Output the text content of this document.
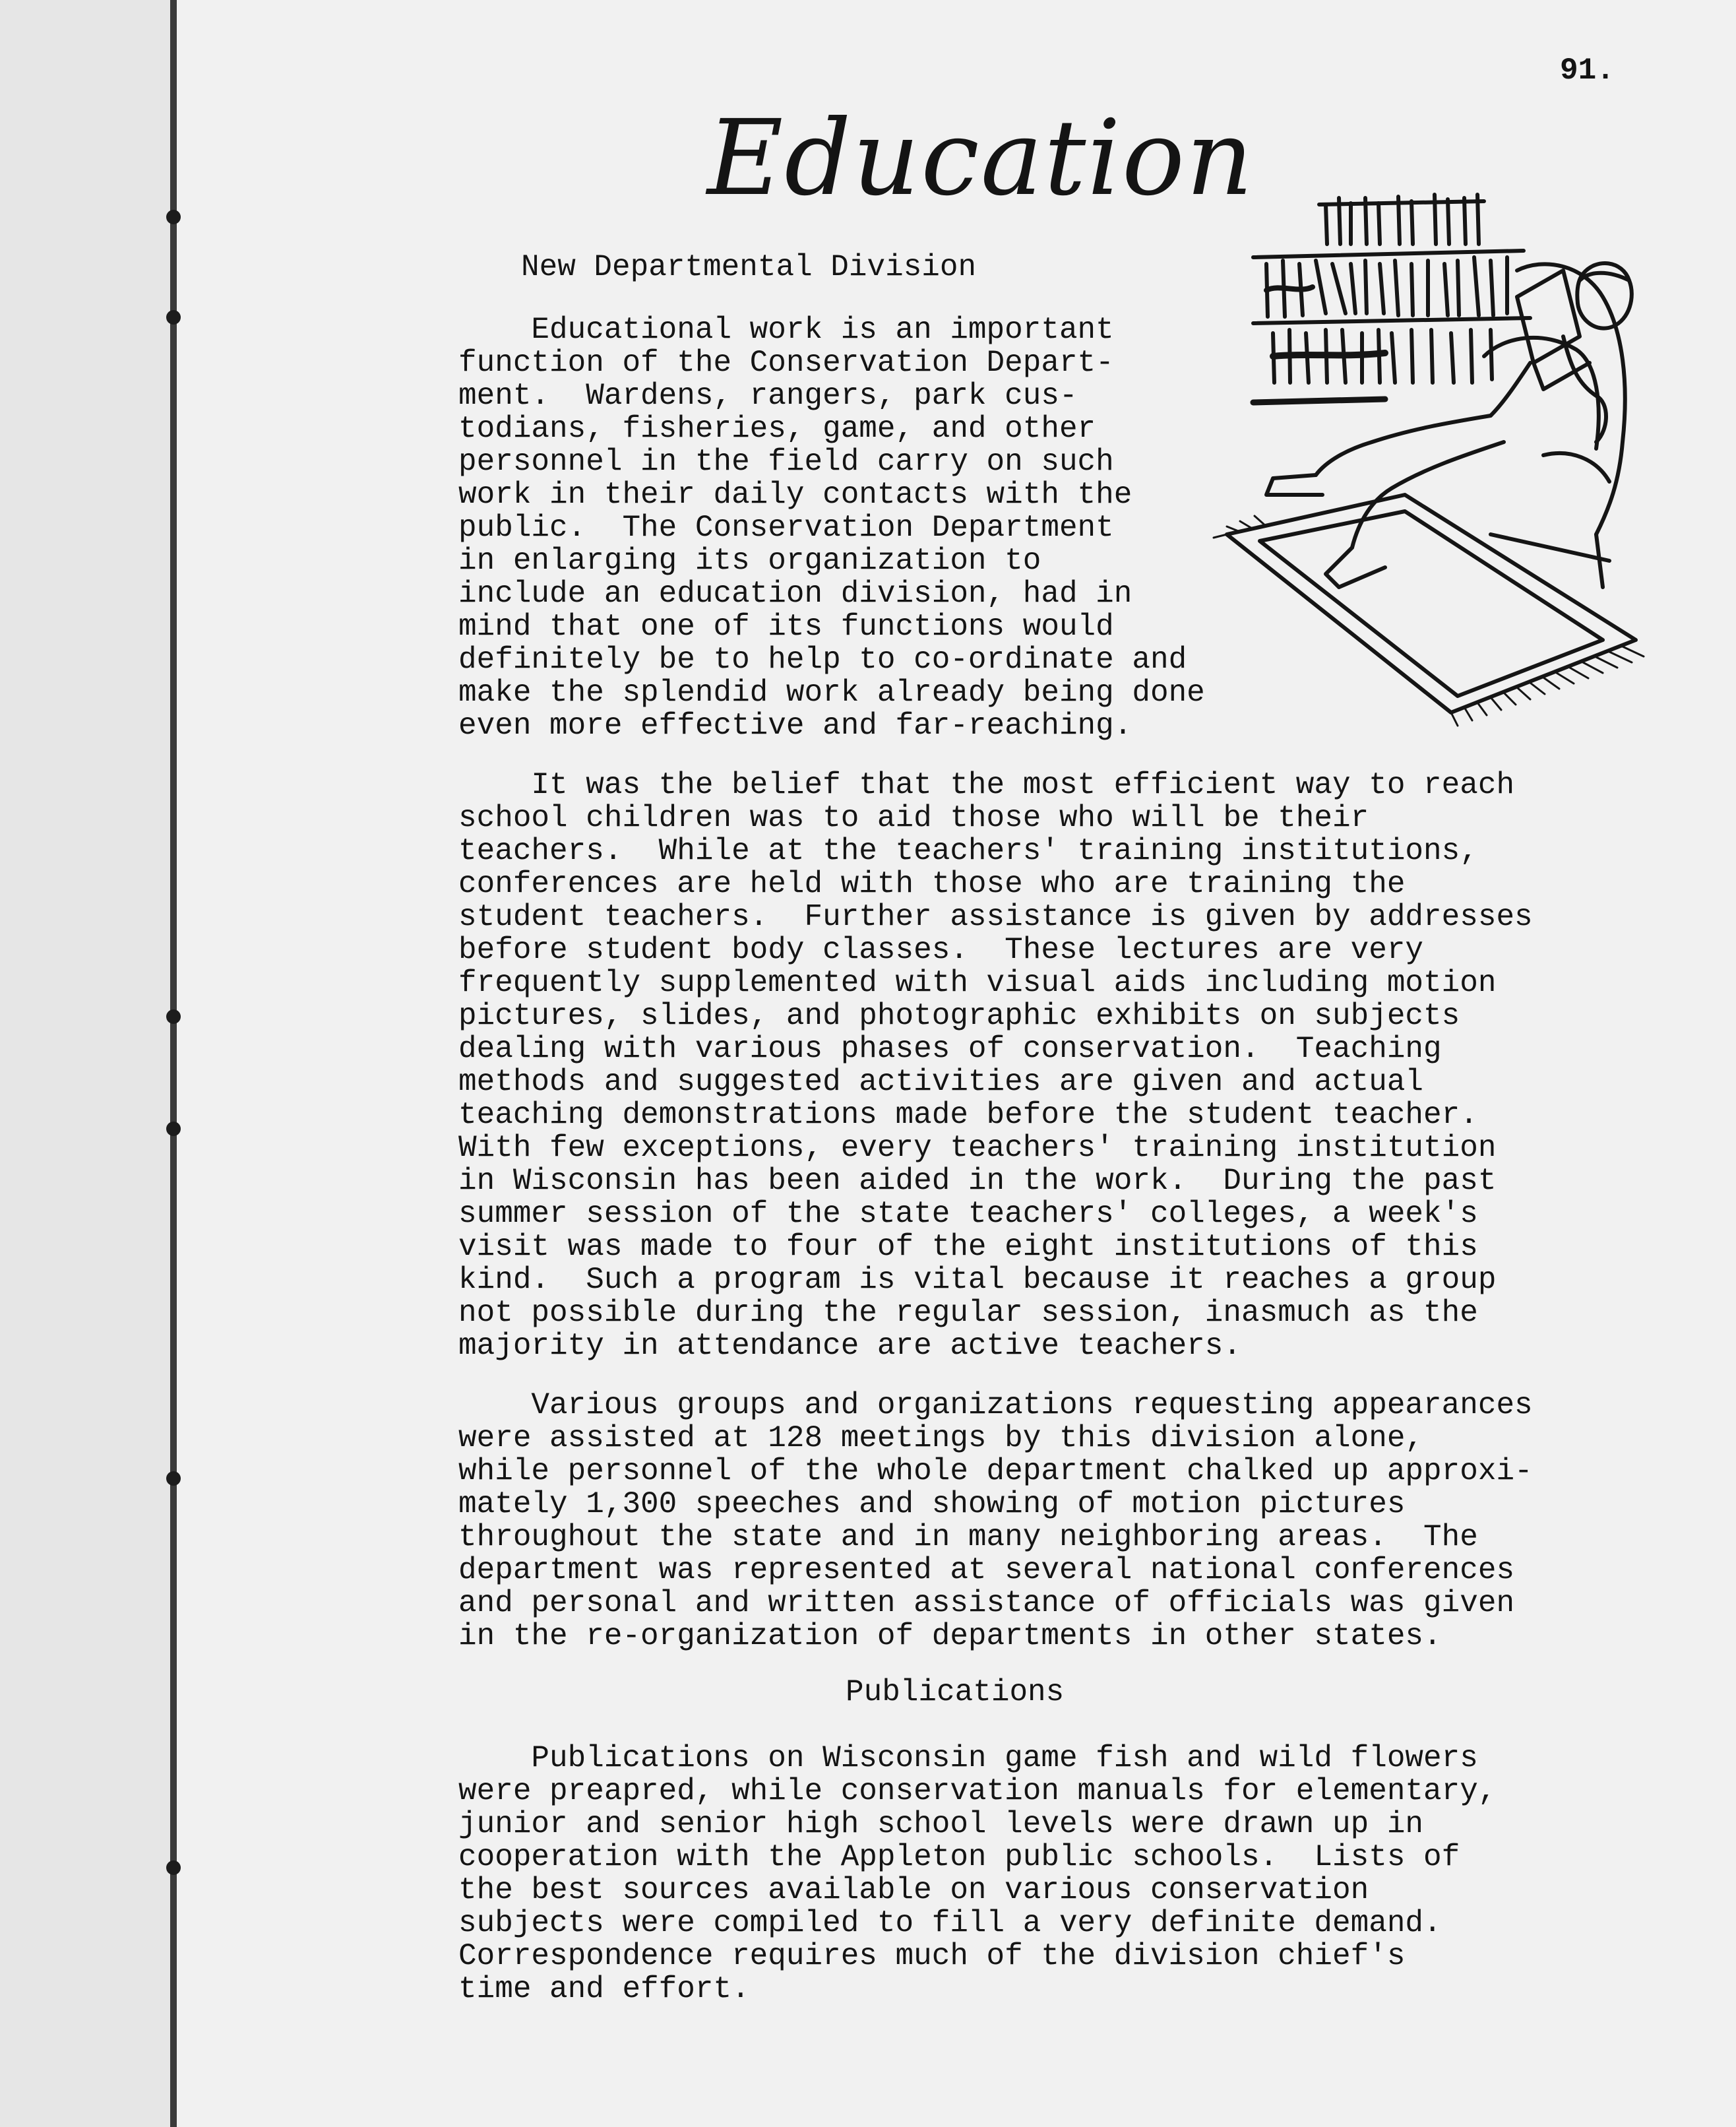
91.
Education
New Departmental Division
Educational work is an important
function of the Conservation Depart-
ment.  Wardens, rangers, park cus-
todians, fisheries, game, and other
personnel in the field carry on such
work in their daily contacts with the
public.  The Conservation Department
in enlarging its organization to
include an education division, had in
mind that one of its functions would
definitely be to help to co-ordinate and
make the splendid work already being done
even more effective and far-reaching.
It was the belief that the most efficient way to reach
school children was to aid those who will be their
teachers.  While at the teachers' training institutions,
conferences are held with those who are training the
student teachers.  Further assistance is given by addresses
before student body classes.  These lectures are very
frequently supplemented with visual aids including motion
pictures, slides, and photographic exhibits on subjects
dealing with various phases of conservation.  Teaching
methods and suggested activities are given and actual
teaching demonstrations made before the student teacher.
With few exceptions, every teachers' training institution
in Wisconsin has been aided in the work.  During the past
summer session of the state teachers' colleges, a week's
visit was made to four of the eight institutions of this
kind.  Such a program is vital because it reaches a group
not possible during the regular session, inasmuch as the
majority in attendance are active teachers.
Various groups and organizations requesting appearances
were assisted at 128 meetings by this division alone,
while personnel of the whole department chalked up approxi-
mately 1,300 speeches and showing of motion pictures
throughout the state and in many neighboring areas.  The
department was represented at several national conferences
and personal and written assistance of officials was given
in the re-organization of departments in other states.
Publications
Publications on Wisconsin game fish and wild flowers
were preapred, while conservation manuals for elementary,
junior and senior high school levels were drawn up in
cooperation with the Appleton public schools.  Lists of
the best sources available on various conservation
subjects were compiled to fill a very definite demand.
Correspondence requires much of the division chief's
time and effort.
